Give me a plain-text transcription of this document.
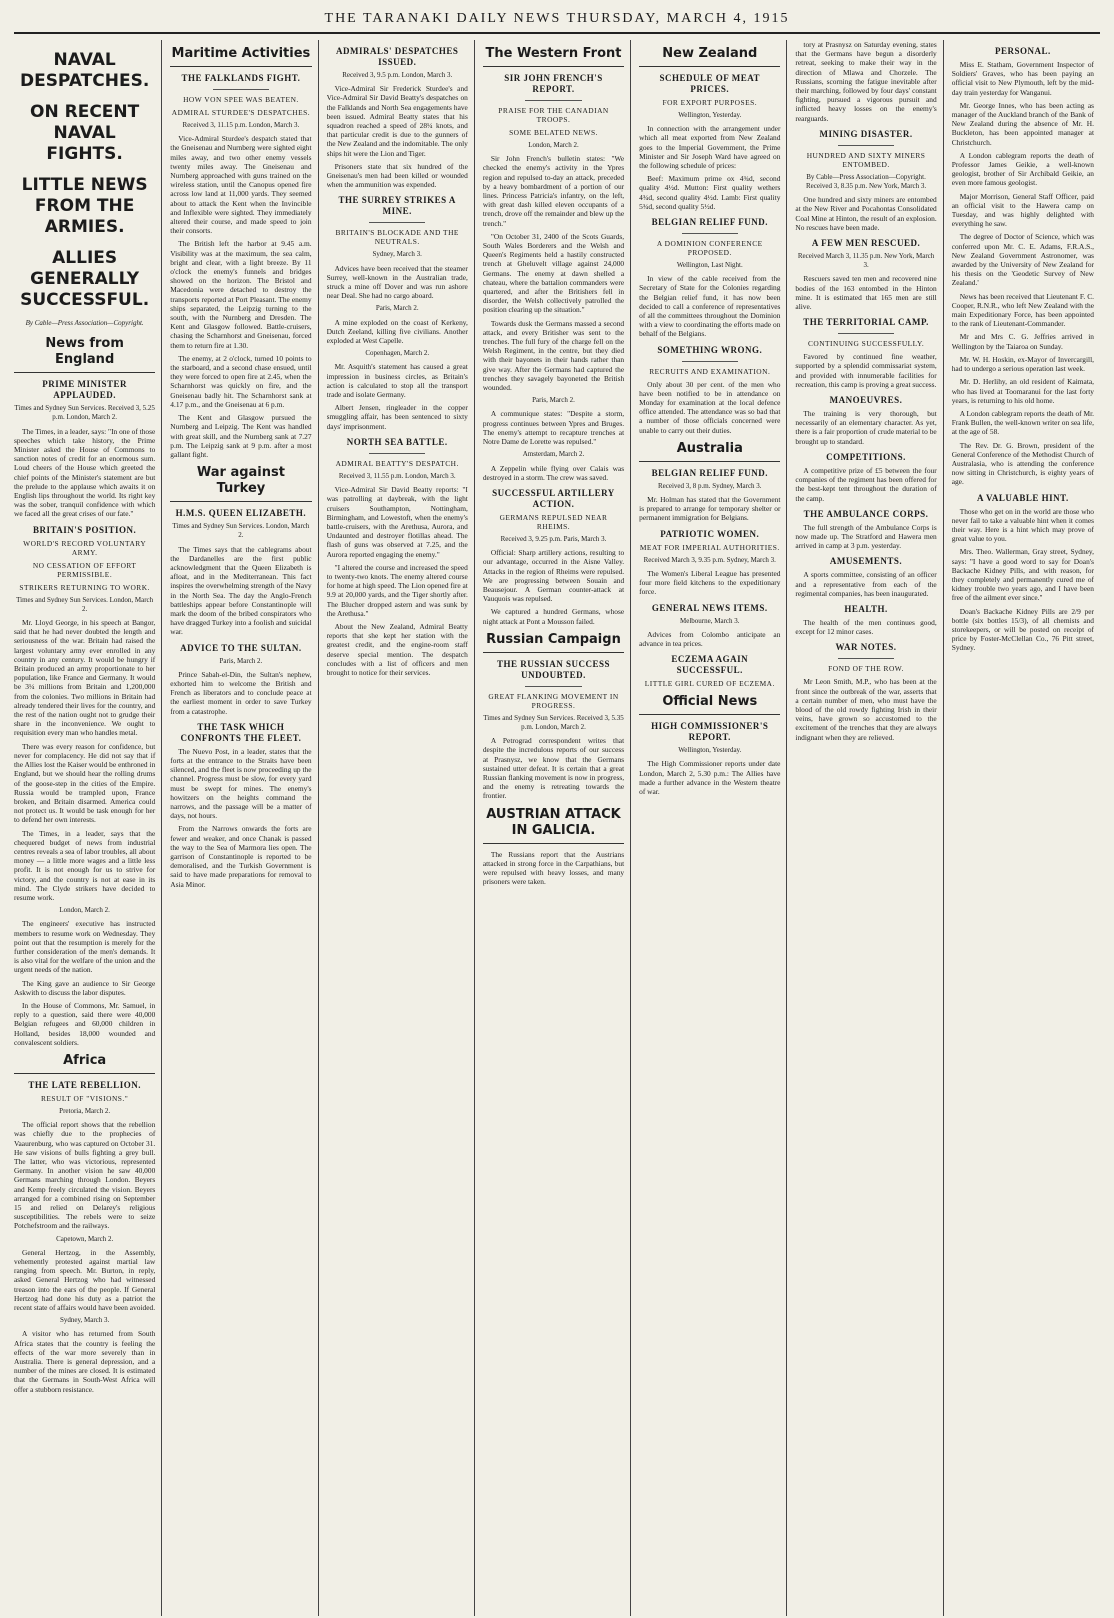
THE TARANAKI DAILY NEWS THURSDAY, MARCH 4, 1915
NAVAL DESPATCHES.
ON RECENT NAVAL FIGHTS.
LITTLE NEWS FROM THE ARMIES.
ALLIES GENERALLY SUCCESSFUL.
By Cable—Press Association—Copyright.
News from England
PRIME MINISTER APPLAUDED.
Times and Sydney Sun Services. Received 3, 5.25 p.m. London, March 2.

The Times, in a leader, says: "In one of those speeches which take history, the Prime Minister asked the House of Commons to sanction notes of credit for an enormous sum. Loud cheers of the House which greeted the chief points of the Minister's statement are but the prelude to the applause which awaits it on English lips throughout the world. Its right key was the sober, tranquil confidence with which we faced all the great crises of our fate."

BRITAIN'S POSITION.
WORLD'S RECORD VOLUNTARY ARMY.
NO CESSATION OF EFFORT PERMISSIBLE.
STRIKERS RETURNING TO WORK.
Times and Sydney Sun Services. London, March 2.

Mr. Lloyd George, in his speech at Bangor, said that he had never doubted the length and seriousness of the war. Britain had raised the largest voluntary army ever enrolled in any country in any century. It would be hungry if Britain produced an army proportionate to her population, like France and Germany. It would be 3¼ millions from Britain and 1,200,000 from the colonies. Two millions in Britain had already tendered their lives for the country, and the rest of the nation ought not to grudge their share in the inconvenience. We ought to requisition every man who handles metal.

There was every reason for confidence, but never for complacency. He did not say that if the Allies lost the Kaiser would be enthroned in England, but we should hear the rolling drums of the goose-step in the cities of the Empire. Russia would be trampled upon, France broken, and Britain disarmed. America could not protect us. It would be task enough for her to defend her own interests.

The Times, in a leader, says that the chequered budget of news from industrial centres reveals a sea of labor troubles, all about money — a little more wages and a little less profit. It is not enough for us to strive for victory, and the country is not at ease in its mind. The Clyde strikers have decided to resume work.

London, March 2.

The engineers' executive has instructed members to resume work on Wednesday. They point out that the resumption is merely for the further consideration of the men's demands. It is also vital for the welfare of the union and the urgent needs of the nation.

The King gave an audience to Sir George Askwith to discuss the labor disputes.

In the House of Commons, Mr. Samuel, in reply to a question, said there were 40,000 Belgian refugees and 60,000 children in Holland, besides 18,000 wounded and convalescent soldiers.

Africa
THE LATE REBELLION.
RESULT OF "VISIONS."
Pretoria, March 2.

The official report shows that the rebellion was chiefly due to the prophecies of Vaaurenburg, who was captured on October 31. He saw visions of bulls fighting a grey bull. The latter, who was victorious, represented Germany. In another vision he saw 40,000 Germans marching through London. Beyers and Kemp freely circulated the vision. Beyers arranged for a combined rising on September 15 and relied on Delarey's religious susceptibilities. The rebels were to seize Potchefstroom and the railways.

Capetown, March 2.

General Hertzog, in the Assembly, vehemently protested against martial law ranging from speech. Mr. Burton, in reply, asked General Hertzog who had witnessed treason into the ears of the people. If General Hertzog had done his duty as a patriot the recent state of affairs would have been avoided.

Sydney, March 3.

A visitor who has returned from South Africa states that the country is feeling the effects of the war more severely than in Australia. There is general depression, and a number of the mines are closed. It is estimated that the Germans in South-West Africa will offer a stubborn resistance.

Maritime Activities
THE FALKLANDS FIGHT.
HOW VON SPEE WAS BEATEN.
ADMIRAL STURDEE'S DESPATCHES.
Received 3, 11.15 p.m. London, March 3.

Vice-Admiral Sturdee's despatch stated that the Gneisenau and Nurnberg were sighted eight miles away, and two other enemy vessels twenty miles away. The Gneisenau and Nurnberg approached with guns trained on the wireless station, until the Canopus opened fire across low land at 11,000 yards. They seemed about to attack the Kent when the Invincible and Inflexible were sighted. They immediately altered their course, and made speed to join their consorts.

The British left the harbor at 9.45 a.m. Visibility was at the maximum, the sea calm, bright and clear, with a light breeze. By 11 o'clock the enemy's funnels and bridges showed on the horizon. The Bristol and Macedonia were detached to destroy the transports reported at Port Pleasant. The enemy ships separated, the Leipzig turning to the south, with the Nurnberg and Dresden. The Kent and Glasgow followed. Battle-cruisers, chasing the Scharnhorst and Gneisenau, forced them to return fire at 1.30.

The enemy, at 2 o'clock, turned 10 points to the starboard, and a second chase ensued, until they were forced to open fire at 2.45, when the Scharnhorst was quickly on fire, and the Gneisenau badly hit. The Scharnhorst sank at 4.17 p.m., and the Gneisenau at 6 p.m.

The Kent and Glasgow pursued the Nurnberg and Leipzig. The Kent was handled with great skill, and the Nurnberg sank at 7.27 p.m. The Leipzig sank at 9 p.m. after a most gallant fight.

War against Turkey
H.M.S. QUEEN ELIZABETH.
Times and Sydney Sun Services. London, March 2.

The Times says that the cablegrams about the Dardanelles are the first public acknowledgment that the Queen Elizabeth is afloat, and in the Mediterranean. This fact inspires the overwhelming strength of the Navy in the North Sea. The day the Anglo-French battleships appear before Constantinople will mark the doom of the bribed conspirators who have dragged Turkey into a foolish and suicidal war.

ADVICE TO THE SULTAN.
Paris, March 2.

Prince Sabah-el-Din, the Sultan's nephew, exhorted him to welcome the British and French as liberators and to conclude peace at the earliest moment in order to save Turkey from a catastrophe.

THE TASK WHICH CONFRONTS THE FLEET.

The Nuevo Post, in a leader, states that the forts at the entrance to the Straits have been silenced, and the fleet is now proceeding up the channel. Progress must be slow, for every yard must be swept for mines. The enemy's howitzers on the heights command the narrows, and the passage will be a matter of days, not hours.

From the Narrows onwards the forts are fewer and weaker, and once Chanak is passed the way to the Sea of Marmora lies open. The garrison of Constantinople is reported to be demoralised, and the Turkish Government is said to have made preparations for removal to Asia Minor.

ADMIRALS' DESPATCHES ISSUED.
Received 3, 9.5 p.m. London, March 3.

Vice-Admiral Sir Frederick Sturdee's and Vice-Admiral Sir David Beatty's despatches on the Falklands and North Sea engagements have been issued. Admiral Beatty states that his squadron reached a speed of 28¼ knots, and that particular credit is due to the gunners of the New Zealand and the indomitable. The only ships hit were the Lion and Tiger.

Prisoners state that six hundred of the Gneisenau's men had been killed or wounded when the ammunition was expended.

THE SURREY STRIKES A MINE.
BRITAIN'S BLOCKADE AND THE NEUTRALS.
Sydney, March 3.

Advices have been received that the steamer Surrey, well-known in the Australian trade, struck a mine off Dover and was run ashore near Deal. She had no cargo aboard.

Paris, March 2.

A mine exploded on the coast of Kerkeny, Dutch Zeeland, killing five civilians. Another exploded at West Capelle.

Copenhagen, March 2.

Mr. Asquith's statement has caused a great impression in business circles, as Britain's action is calculated to stop all the transport trade and isolate Germany.

Albert Jensen, ringleader in the copper smuggling affair, has been sentenced to sixty days' imprisonment.

NORTH SEA BATTLE.
ADMIRAL BEATTY'S DESPATCH.
Received 3, 11.55 p.m. London, March 3.

Vice-Admiral Sir David Beatty reports: "I was patrolling at daybreak, with the light cruisers Southampton, Nottingham, Birmingham, and Lowestoft, when the enemy's battle-cruisers, with the Arethusa, Aurora, and Undaunted and destroyer flotillas ahead. The flash of guns was observed at 7.25, and the Aurora reported engaging the enemy."

"I altered the course and increased the speed to twenty-two knots. The enemy altered course for home at high speed. The Lion opened fire at 9.9 at 20,000 yards, and the Tiger shortly after. The Blucher dropped astern and was sunk by the Arethusa."

About the New Zealand, Admiral Beatty reports that she kept her station with the greatest credit, and the engine-room staff deserve special mention. The despatch concludes with a list of officers and men brought to notice for their services.

The Western Front
SIR JOHN FRENCH'S REPORT.
PRAISE FOR THE CANADIAN TROOPS.
SOME BELATED NEWS.
London, March 2.

Sir John French's bulletin states: "We checked the enemy's activity in the Ypres region and repulsed to-day an attack, preceded by a heavy bombardment of a portion of our lines. Princess Patricia's infantry, on the left, with great dash killed eleven occupants of a trench, drove off the remainder and blew up the trench."

"On October 31, 2400 of the Scots Guards, South Wales Borderers and the Welsh and Queen's Regiments held a hastily constructed trench at Gheluvelt village against 24,000 Germans. The enemy at dawn shelled a chateau, where the battalion commanders were quartered, and after the Britishers fell in disorder, the Welsh collectively patrolled the position clearing up the situation."

Towards dusk the Germans massed a second attack, and every Britisher was sent to the trenches. The full fury of the charge fell on the Welsh Regiment, in the centre, but they died with their bayonets in their hands rather than give way. After the Germans had captured the trenches they savagely bayoneted the British wounded.

Paris, March 2.

A communique states: "Despite a storm, progress continues between Ypres and Bruges. The enemy's attempt to recapture trenches at Notre Dame de Lorette was repulsed."

Amsterdam, March 2.

A Zeppelin while flying over Calais was destroyed in a storm. The crew was saved.

SUCCESSFUL ARTILLERY ACTION.
GERMANS REPULSED NEAR RHEIMS.
Received 3, 9.25 p.m. Paris, March 3.

Official: Sharp artillery actions, resulting to our advantage, occurred in the Aisne Valley. Attacks in the region of Rheims were repulsed. We are progressing between Souain and Beausejour. A German counter-attack at Vauquois was repulsed.

We captured a hundred Germans, whose night attack at Pont a Mousson failed.

Russian Campaign
THE RUSSIAN SUCCESS UNDOUBTED.
GREAT FLANKING MOVEMENT IN PROGRESS.
Times and Sydney Sun Services. Received 3, 5.35 p.m. London, March 2.

A Petrograd correspondent writes that despite the incredulous reports of our success at Prasnysz, we know that the Germans sustained utter defeat. It is certain that a great Russian flanking movement is now in progress, and the enemy is retreating towards the frontier.

AUSTRIAN ATTACK IN GALICIA.

The Russians report that the Austrians attacked in strong force in the Carpathians, but were repulsed with heavy losses, and many prisoners were taken.

New Zealand
SCHEDULE OF MEAT PRICES.
FOR EXPORT PURPOSES.
Wellington, Yesterday.

In connection with the arrangement under which all meat exported from New Zealand goes to the Imperial Government, the Prime Minister and Sir Joseph Ward have agreed on the following schedule of prices:

Beef: Maximum prime ox 4¾d, second quality 4½d. Mutton: First quality wethers 4¾d, second quality 4½d. Lamb: First quality 5¾d, second quality 5½d.

BELGIAN RELIEF FUND.
A DOMINION CONFERENCE PROPOSED.
Wellington, Last Night.

In view of the cable received from the Secretary of State for the Colonies regarding the Belgian relief fund, it has now been decided to call a conference of representatives of all the committees throughout the Dominion with a view to coordinating the efforts made on behalf of the Belgians.

SOMETHING WRONG.
RECRUITS AND EXAMINATION.

Only about 30 per cent. of the men who have been notified to be in attendance on Monday for examination at the local defence office attended. The attendance was so bad that a number of those officials concerned were unable to carry out their duties.

Australia
BELGIAN RELIEF FUND.
Received 3, 8 p.m. Sydney, March 3.

Mr. Holman has stated that the Government is prepared to arrange for temporary shelter or permanent immigration for Belgians.

PATRIOTIC WOMEN.
MEAT FOR IMPERIAL AUTHORITIES.
Received March 3, 9.35 p.m. Sydney, March 3.

The Women's Liberal League has presented four more field kitchens to the expeditionary force.

GENERAL NEWS ITEMS.
Melbourne, March 3.

Advices from Colombo anticipate an advance in tea prices.

ECZEMA AGAIN SUCCESSFUL.
LITTLE GIRL CURED OF ECZEMA.
Official News
HIGH COMMISSIONER'S REPORT.
Wellington, Yesterday.

The High Commissioner reports under date London, March 2, 5.30 p.m.: The Allies have made a further advance in the Western theatre of war.

tory at Prasnysz on Saturday evening, states that the Germans have begun a disorderly retreat, seeking to make their way in the direction of Mlawa and Chorzele. The Russians, scorning the fatigue inevitable after their marching, followed by four days' constant fighting, pursued a vigorous pursuit and inflicted heavy losses on the enemy's rearguards.

MINING DISASTER.
HUNDRED AND SIXTY MINERS ENTOMBED.
By Cable—Press Association—Copyright. Received 3, 8.35 p.m. New York, March 3.

One hundred and sixty miners are entombed at the New River and Pocahontas Consolidated Coal Mine at Hinton, the result of an explosion. No rescues have been made.

A FEW MEN RESCUED.
Received March 3, 11.35 p.m. New York, March 3.

Rescuers saved ten men and recovered nine bodies of the 163 entombed in the Hinton mine. It is estimated that 165 men are still alive.

THE TERRITORIAL CAMP.
CONTINUING SUCCESSFULLY.

Favored by continued fine weather, supported by a splendid commissariat system, and provided with innumerable facilities for recreation, this camp is proving a great success.

MANOEUVRES.

The training is very thorough, but necessarily of an elementary character. As yet, there is a fair proportion of crude material to be brought up to standard.

COMPETITIONS.

A competitive prize of £5 between the four companies of the regiment has been offered for the best-kept tent throughout the duration of the camp.

THE AMBULANCE CORPS.

The full strength of the Ambulance Corps is now made up. The Stratford and Hawera men arrived in camp at 3 p.m. yesterday.

AMUSEMENTS.

A sports committee, consisting of an officer and a representative from each of the regimental companies, has been inaugurated.

HEALTH.

The health of the men continues good, except for 12 minor cases.

WAR NOTES.
FOND OF THE ROW.

Mr Leon Smith, M.P., who has been at the front since the outbreak of the war, asserts that a certain number of men, who must have the blood of the old rowdy fighting Irish in their veins, have grown so accustomed to the excitement of the trenches that they are always indignant when they are relieved.

PERSONAL.

Miss E. Statham, Government Inspector of Soldiers' Graves, who has been paying an official visit to New Plymouth, left by the mid-day train yesterday for Wanganui.

Mr. George Innes, who has been acting as manager of the Auckland branch of the Bank of New Zealand during the absence of Mr. H. Buckleton, has been appointed manager at Christchurch.

A London cablegram reports the death of Professor James Geikie, a well-known geologist, brother of Sir Archibald Geikie, an even more famous geologist.

Major Morrison, General Staff Officer, paid an official visit to the Hawera camp on Tuesday, and was highly delighted with everything he saw.

The degree of Doctor of Science, which was conferred upon Mr. C. E. Adams, F.R.A.S., New Zealand Government Astronomer, was awarded by the University of New Zealand for his thesis on the 'Geodetic Survey of New Zealand.'

News has been received that Lieutenant F. C. Cooper, R.N.R., who left New Zealand with the main Expeditionary Force, has been appointed to the rank of Lieutenant-Commander.

Mr and Mrs C. G. Jeffries arrived in Wellington by the Taiaroa on Sunday.

Mr. W. H. Hoskin, ex-Mayor of Invercargill, had to undergo a serious operation last week.

Mr. D. Herlihy, an old resident of Kaimata, who has lived at Toomaranui for the last forty years, is returning to his old home.

A London cablegram reports the death of Mr. Frank Bullen, the well-known writer on sea life, at the age of 58.

The Rev. Dr. G. Brown, president of the General Conference of the Methodist Church of Australasia, who is attending the conference now sitting in Christchurch, is eighty years of age.

A VALUABLE HINT.

Those who get on in the world are those who never fail to take a valuable hint when it comes their way. Here is a hint which may prove of great value to you.

Mrs. Theo. Wallerman, Gray street, Sydney, says: "I have a good word to say for Doan's Backache Kidney Pills, and with reason, for they completely and permanently cured me of kidney trouble two years ago, and I have been free of the ailment ever since."

Doan's Backache Kidney Pills are 2/9 per bottle (six bottles 15/3), of all chemists and storekeepers, or will be posted on receipt of price by Foster-McClellan Co., 76 Pitt street, Sydney.
